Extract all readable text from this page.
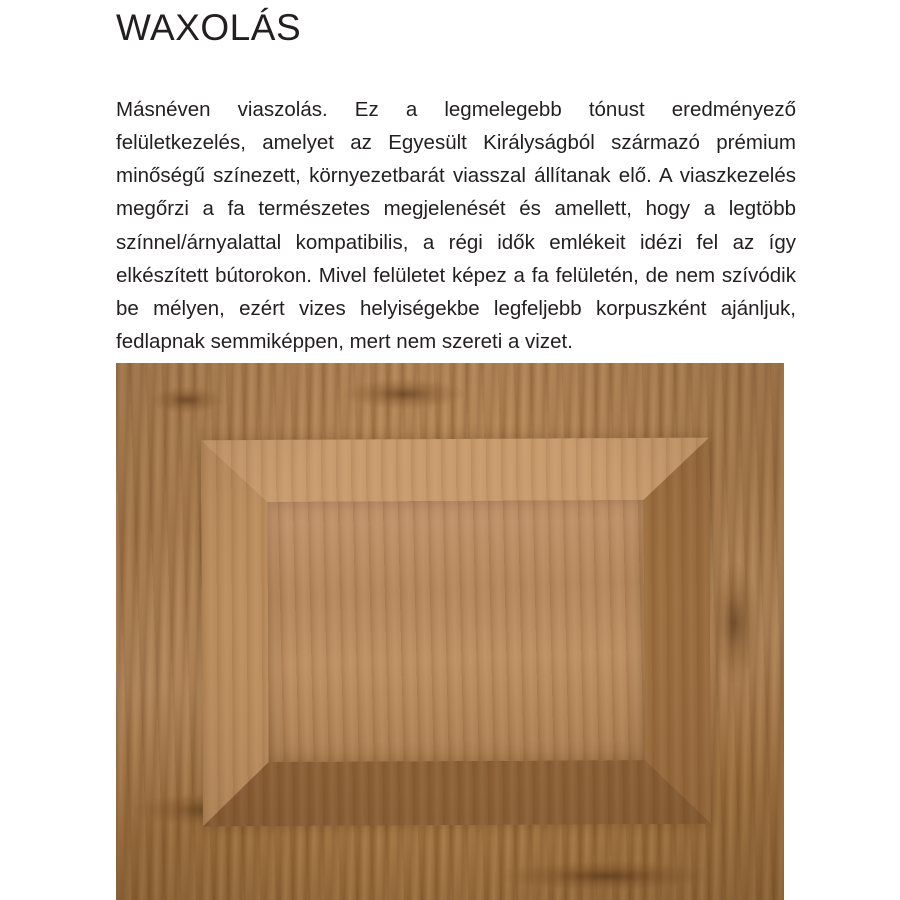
WAXOLÁS

Másnéven viaszolás. Ez a legmelegebb tónust eredményező felületkezelés, amelyet az Egyesült Királyságból származó prémium minőségű színezett, környezetbarát viasszal állítanak elő. A viaszkezelés megőrzi a fa természetes megjelenését és amellett, hogy a legtöbb színnel/árnyalattal kompatibilis, a régi idők emlékeit idézi fel az így elkészített bútorokon. Mivel felületet képez a fa felületén, de nem szívódik be mélyen, ezért vizes helyiségekbe legfeljebb korpuszként ajánljuk, fedlapnak semmiképpen, mert nem szereti a vizet.
